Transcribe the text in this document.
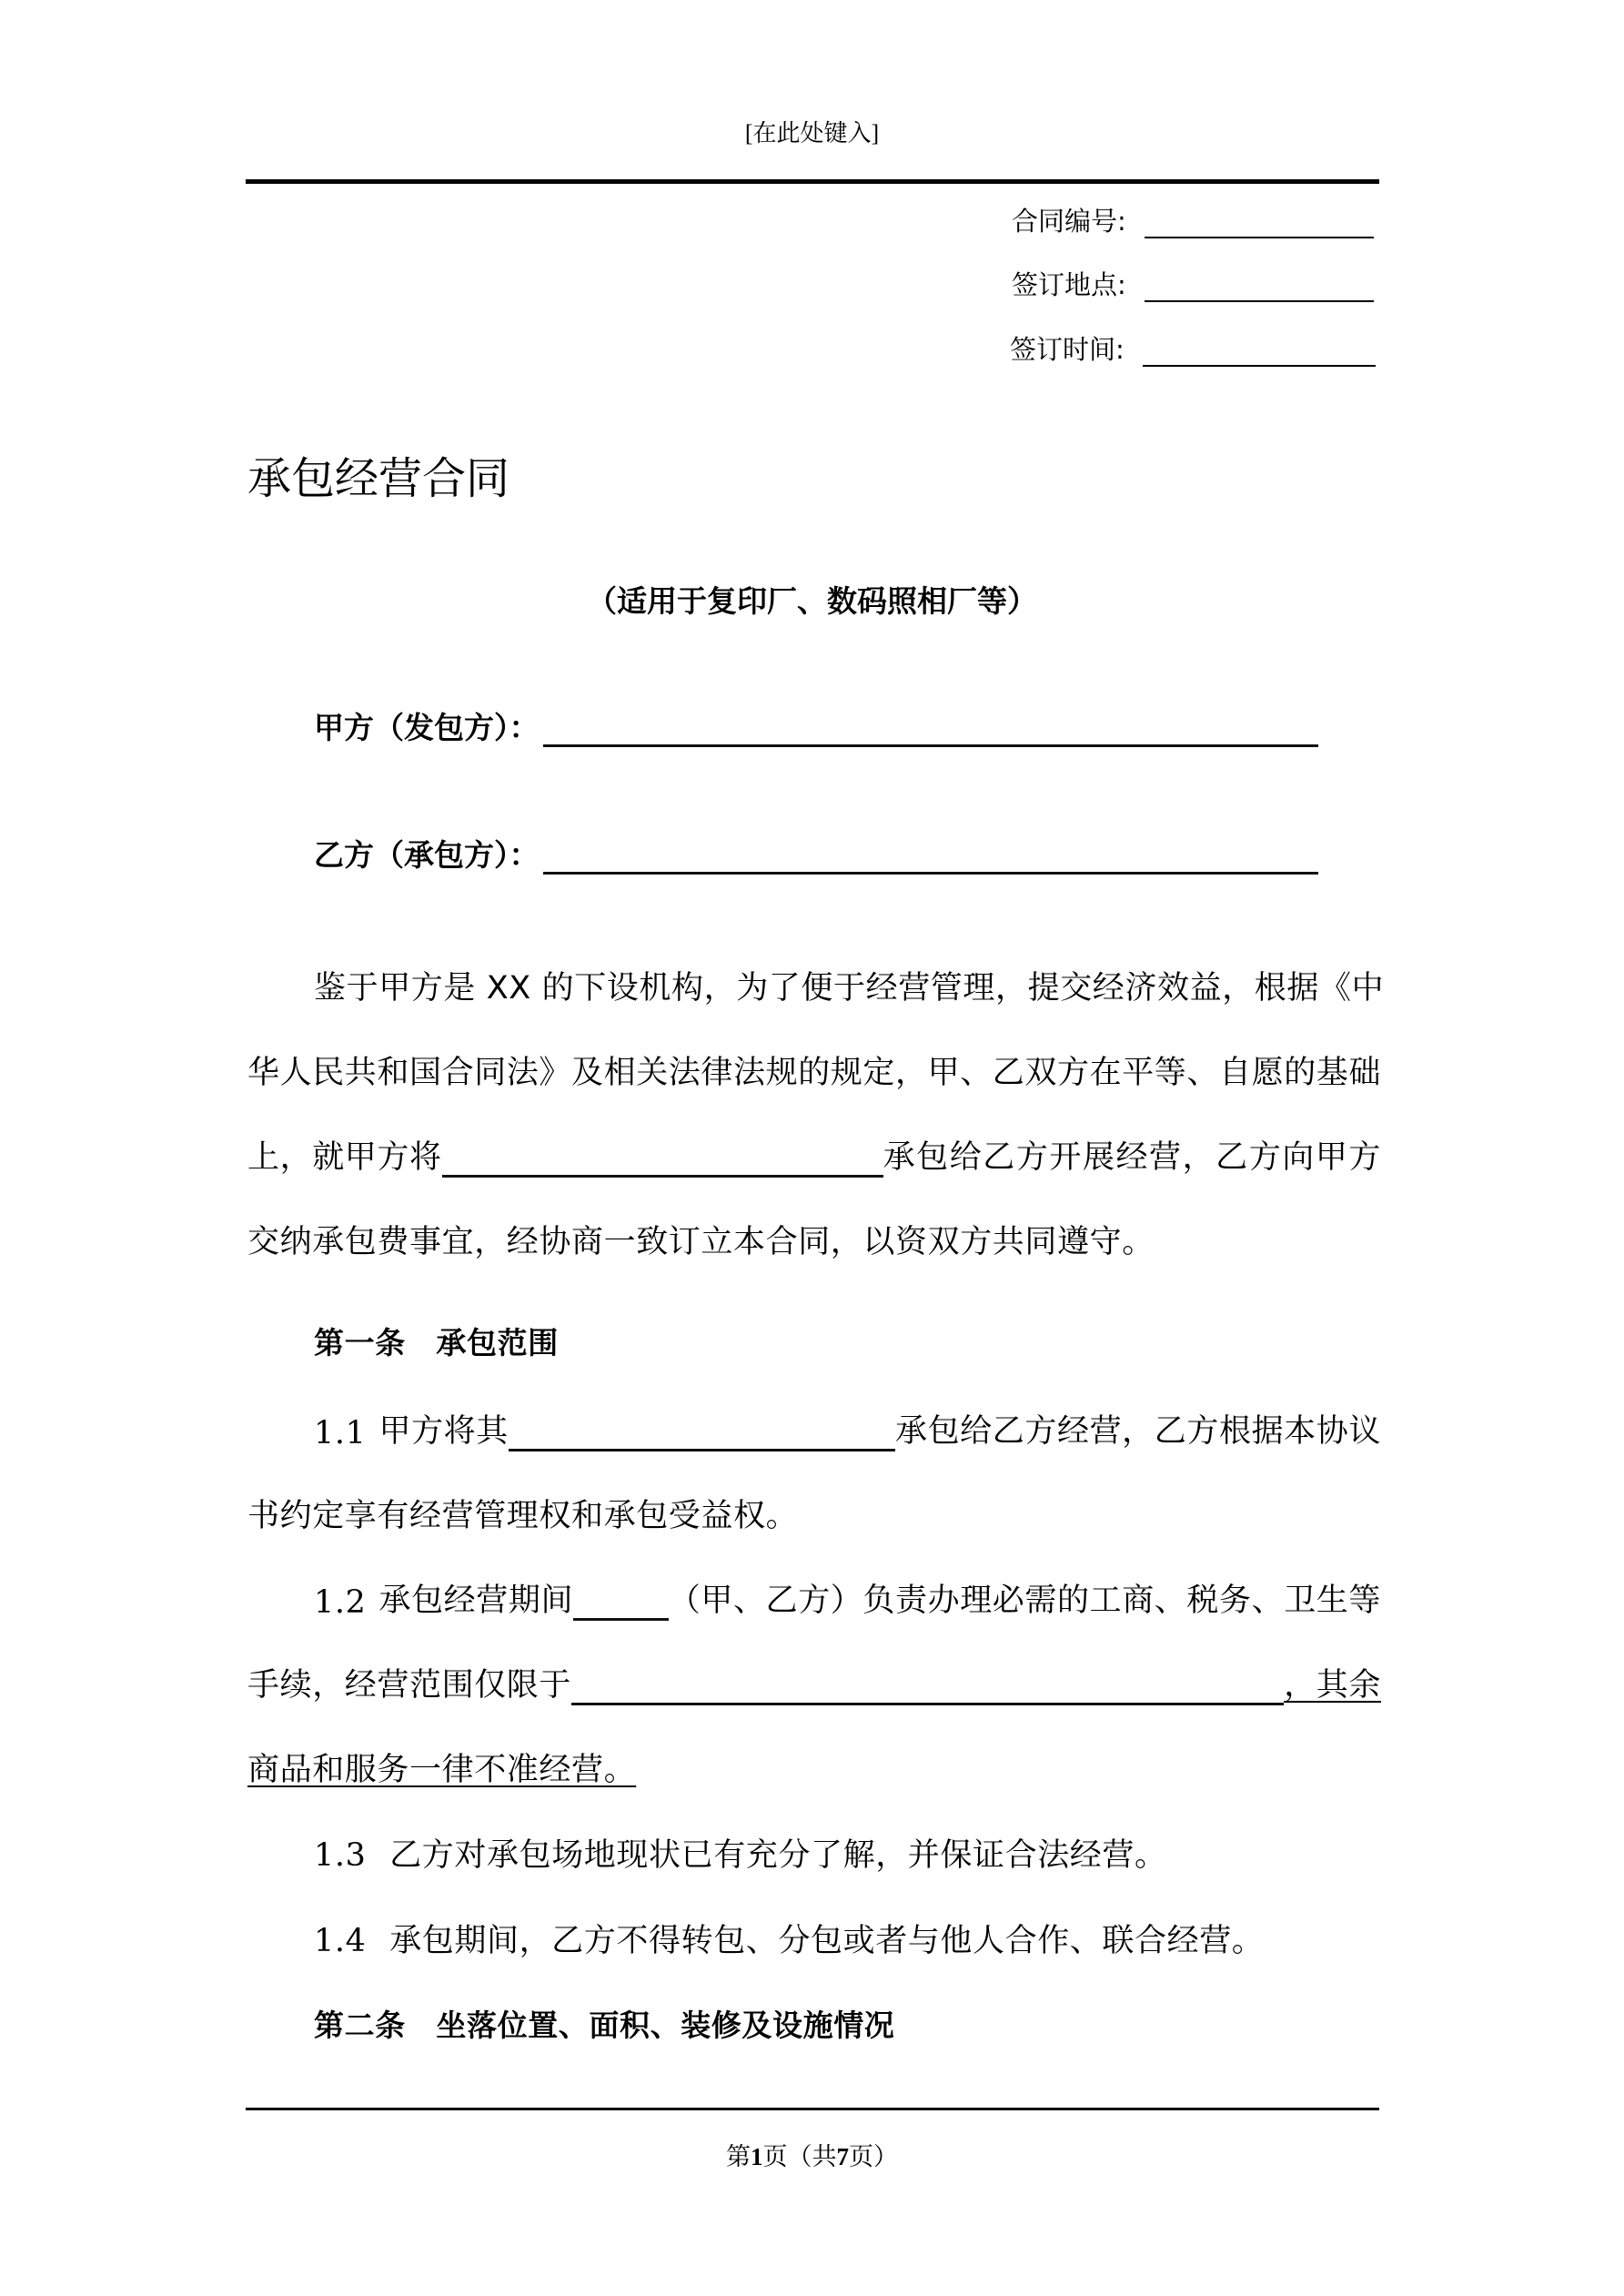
[在此处键入]
合同编号:
签订地点:
签订时间:
承包经营合同
（适用于复印厂、数码照相厂等）
甲方（发包方）：
乙方（承包方）：
鉴于甲方是 XX 的下设机构，为了便于经营管理，提交经济效益，根据《中
华人民共和国合同法》及相关法律法规的规定，甲、乙双方在平等、自愿的基础
上，就甲方将	承包给乙方开展经营，乙方向甲方
交纳承包费事宜，经协商一致订立本合同，以资双方共同遵守。
第一条　承包范围
1.1 甲方将其	承包给乙方经营，乙方根据本协议
书约定享有经营管理权和承包受益权。
1.2 承包经营期间	（甲、乙方）负责办理必需的工商、税务、卫生等
手续，经营范围仅限于	，其余
商品和服务一律不准经营。
1.3 乙方对承包场地现状已有充分了解，并保证合法经营。
1.4 承包期间，乙方不得转包、分包或者与他人合作、联合经营。
第二条　坐落位置、面积、装修及设施情况
第1页（共7页）
